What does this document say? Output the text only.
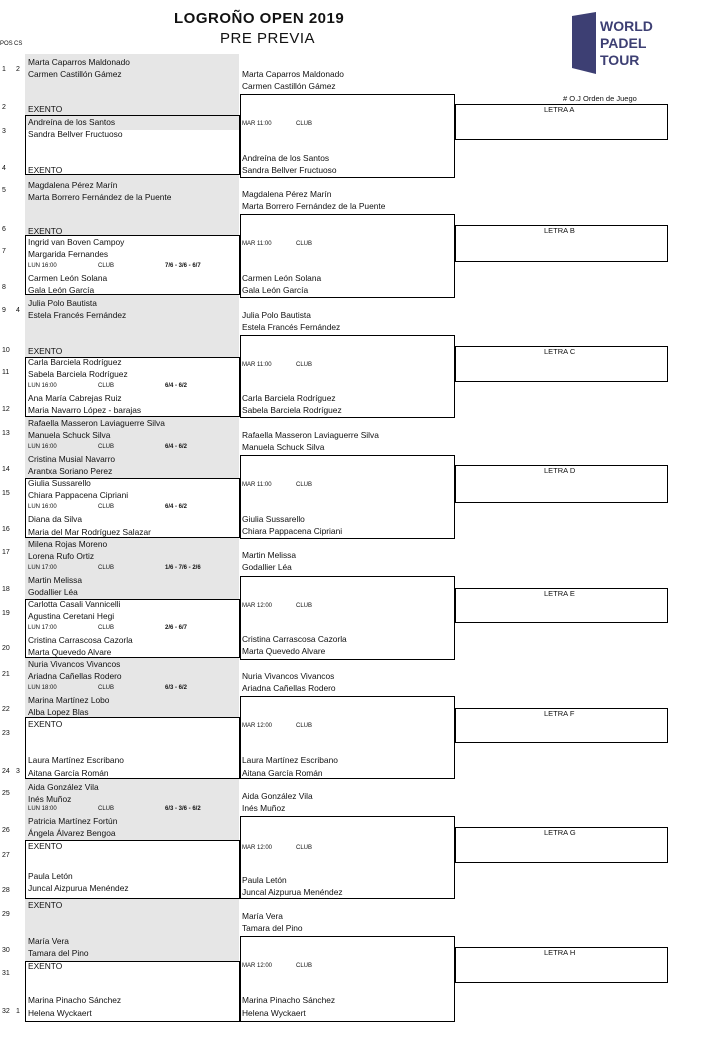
LOGROÑO OPEN 2019
PRE PREVIA
POS CS
# O.J Orden de Juego
WORLD
PADEL
TOUR
1
2
3
4
5
6
7
8
9
10
11
12
13
14
15
16
17
18
19
20
21
22
23
24
25
26
27
28
29
30
31
32
2
4
3
1
Marta Caparros Maldonado
Carmen Castillón Gámez
EXENTO
Andreína de los Santos
Sandra Bellver Fructuoso
EXENTO
Magdalena Pérez Marín
Marta Borrero Fernández de la Puente
EXENTO
Ingrid van Boven Campoy
Margarida Fernandes
Carmen León Solana
Gala León García
Julia Polo Bautista
Estela Francés Fernández
EXENTO
Carla Barciela Rodríguez
Sabela Barciela Rodríguez
Ana María Cabrejas Ruiz
Maria Navarro López - barajas
Rafaella Masseron Laviaguerre Silva
Manuela Schuck Silva
Cristina Musial Navarro
Arantxa Soriano Perez
Giulia Sussarello
Chiara Pappacena Cipriani
Diana da Silva
Maria del Mar Rodríguez Salazar
Milena Rojas Moreno
Lorena Rufo Ortiz
Martin Melissa
Godallier Léa
Carlotta Casali Vannicelli
Agustina Ceretani Hegi
Cristina Carrascosa Cazorla
Marta Quevedo Alvare
Nuria Vivancos Vivancos
Ariadna Cañellas Rodero
Marina Martínez Lobo
Alba Lopez Blas
EXENTO
Laura Martínez Escribano
Aitana García Román
Aida González Vila
Inés Muñoz
Patricia Martínez Fortún
Ángela Álvarez Bengoa
EXENTO
Paula Letón
Juncal Aizpurua Menéndez
EXENTO
María Vera
Tamara del Pino
EXENTO
Marina Pinacho Sánchez
Helena Wyckaert
LUN 16:00	CLUB	7/6 - 3/6 - 6/7
LUN 16:00	CLUB	6/4 - 6/2
LUN 16:00	CLUB	6/4 - 6/2
LUN 16:00	CLUB	6/4 - 6/2
LUN 17:00	CLUB	1/6 - 7/6 - 2/6
LUN 17:00	CLUB	2/6 - 6/7
LUN 18:00	CLUB	6/3 - 6/2
LUN 18:00	CLUB	6/3 - 3/6 - 6/2
Marta Caparros Maldonado
Carmen Castillón Gámez
Andreína de los Santos
Sandra Bellver Fructuoso
Magdalena Pérez Marín
Marta Borrero Fernández de la Puente
Carmen León Solana
Gala León García
Julia Polo Bautista
Estela Francés Fernández
Carla Barciela Rodríguez
Sabela Barciela Rodríguez
Rafaella Masseron Laviaguerre Silva
Manuela Schuck Silva
Giulia Sussarello
Chiara Pappacena Cipriani
Martin Melissa
Godallier Léa
Cristina Carrascosa Cazorla
Marta Quevedo Alvare
Nuria Vivancos Vivancos
Ariadna Cañellas Rodero
Laura Martínez Escribano
Aitana García Román
Aida González Vila
Inés Muñoz
Paula Letón
Juncal Aizpurua Menéndez
María Vera
Tamara del Pino
Marina Pinacho Sánchez
Helena Wyckaert
MAR 11:00	CLUB
MAR 11:00	CLUB
MAR 11:00	CLUB
MAR 11:00	CLUB
MAR 12:00	CLUB
MAR 12:00	CLUB
MAR 12:00	CLUB
MAR 12:00	CLUB
LETRA A
LETRA B
LETRA C
LETRA D
LETRA E
LETRA F
LETRA G
LETRA H
